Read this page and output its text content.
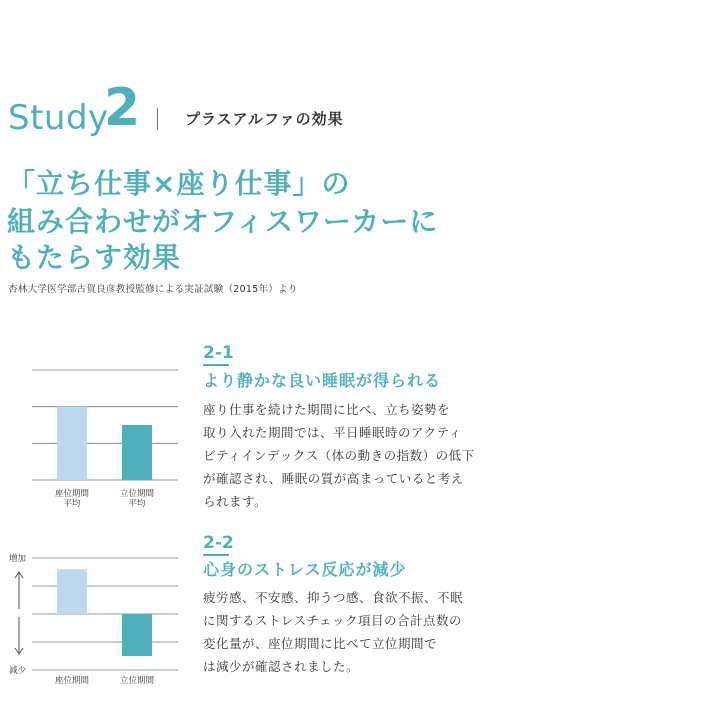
Study
2	プラスアルファの効果
「立ち仕事×座り仕事」の
組み合わせがオフィスワーカーに
もたらす効果
杏林大学医学部古賀良彦教授監修による実証試験（2015年）より
座位期間
平均
立位期間
平均
増加
減少
座位期間	立位期間
2-1
より静かな良い睡眠が得られる
座り仕事を続けた期間に比べ、立ち姿勢を
取り入れた期間では、平日睡眠時のアクティ
ビティインデックス（体の動きの指数）の低下
が確認され、睡眠の質が高まっていると考え
られます。
2-2
心身のストレス反応が減少
疲労感、不安感、抑うつ感、食欲不振、不眠
に関するストレスチェック項目の合計点数の
変化量が、座位期間に比べて立位期間で
は減少が確認されました。
